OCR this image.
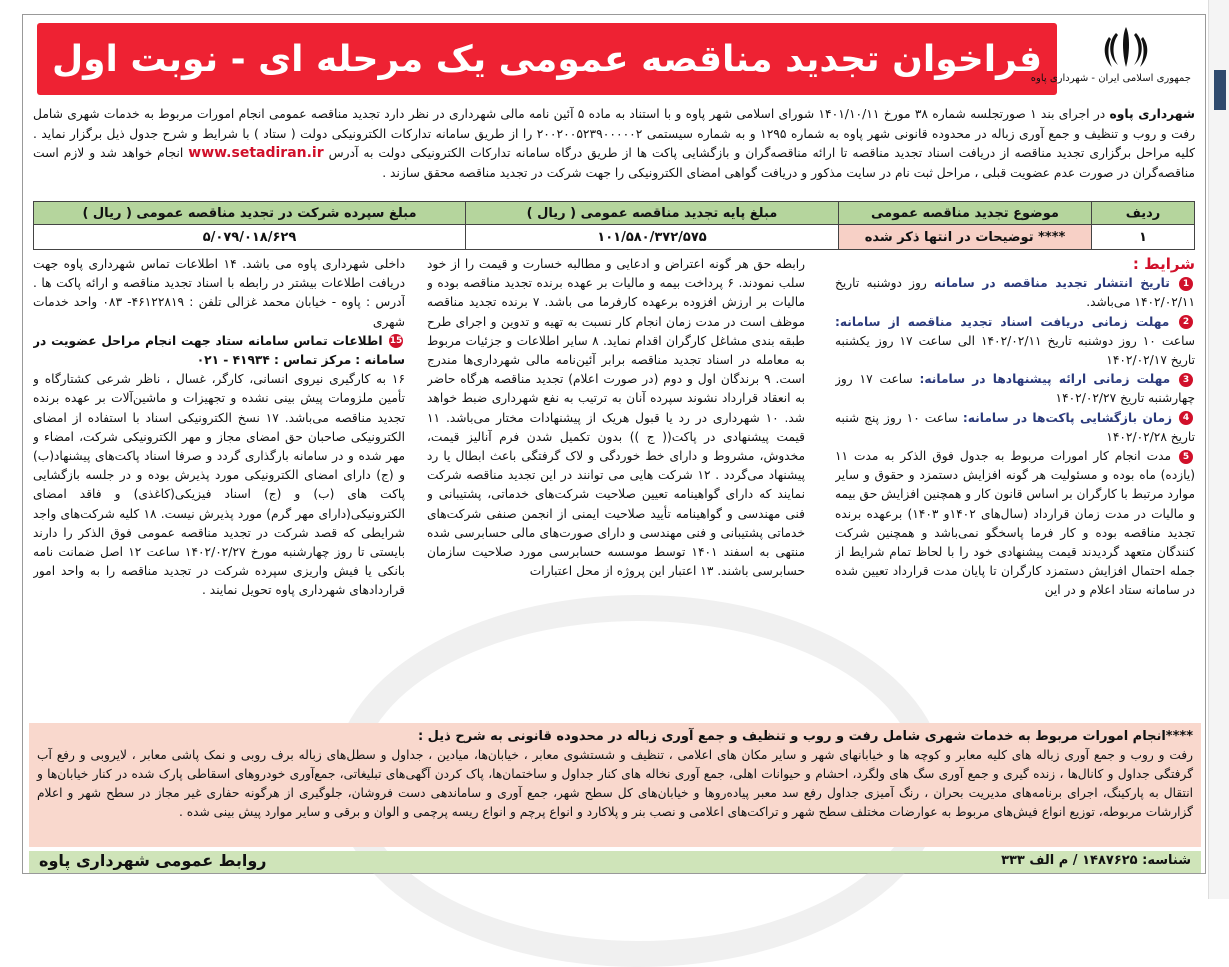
فراخوان تجدید مناقصه عمومی یک مرحله ای - نوبت اول
جمهوری اسلامی ایران - شهرداری پاوه
شهرداری پاوه در اجرای بند ۱ صورتجلسه شماره ۳۸ مورخ ۱۴۰۱/۱۰/۱۱ شورای اسلامی شهر پاوه و با استناد به ماده ۵ آئین نامه مالی شهرداری در نظر دارد تجدید مناقصه عمومی انجام امورات مربوط به خدمات شهری شامل رفت و روب و تنظیف و جمع آوری زباله در محدوده قانونی شهر پاوه به شماره ۱۲۹۵ و به شماره سیستمی ۲۰۰۲۰۰۵۲۳۹۰۰۰۰۰۲ را از طریق سامانه تدارکات الکترونیکی دولت ( ستاد ) با شرایط و شرح جدول ذیل برگزار نماید . کلیه مراحل برگزاری تجدید مناقصه از دریافت اسناد تجدید مناقصه تا ارائه مناقصه‌گران و بازگشایی پاکت ها از طریق درگاه سامانه تدارکات الکترونیکی دولت به آدرس www.setadiran.ir انجام خواهد شد و لازم است مناقصه‌گران در صورت عدم عضویت قبلی ، مراحل ثبت نام در سایت مذکور و دریافت گواهی امضای الکترونیکی را جهت شرکت در تجدید مناقصه محقق سازند .
ردیف	موضوع تجدید مناقصه عمومی	مبلغ پایه تجدید مناقصه عمومی ( ریال )	مبلغ سپرده شرکت در تجدید مناقصه عمومی ( ریال )
۱	**** توضیحات در انتها ذکر شده	۱۰۱/۵۸۰/۳۷۲/۵۷۵	۵/۰۷۹/۰۱۸/۶۲۹
شرایط :
1 تاریخ انتشار تجدید مناقصه در سامانه روز دوشنبه تاریخ ۱۴۰۲/۰۲/۱۱ می‌باشد.
2 مهلت زمانی دریافت اسناد تجدید مناقصه از سامانه: ساعت ۱۰ روز دوشنبه تاریخ ۱۴۰۲/۰۲/۱۱ الی ساعت ۱۷ روز یکشنبه تاریخ ۱۴۰۲/۰۲/۱۷
3 مهلت زمانی ارائه پیشنهادها در سامانه: ساعت ۱۷ روز چهارشنبه تاریخ ۱۴۰۲/۰۲/۲۷
4 زمان بازگشایی پاکت‌ها در سامانه: ساعت ۱۰ روز پنج شنبه تاریخ ۱۴۰۲/۰۲/۲۸
5 مدت انجام کار امورات مربوط به جدول فوق الذکر به مدت ۱۱ (یازده) ماه بوده و مسئولیت هر گونه افزایش دستمزد و حقوق و سایر موارد مرتبط با کارگران بر اساس قانون کار و همچنین افزایش حق بیمه و مالیات در مدت زمان قرارداد (سال‌های ۱۴۰۲و ۱۴۰۳) برعهده برنده تجدید مناقصه بوده و کار فرما پاسخگو نمی‌باشد و همچنین شرکت کنندگان متعهد گردیدند قیمت پیشنهادی خود را با لحاظ تمام شرایط از جمله احتمال افزایش دستمزد کارگران تا پایان مدت قرارداد تعیین شده در سامانه ستاد اعلام و در این
رابطه حق هر گونه اعتراض و ادعایی و مطالبه خسارت و قیمت را از خود سلب نمودند. ۶ پرداخت بیمه و مالیات بر عهده برنده تجدید مناقصه بوده و مالیات بر ارزش افزوده برعهده کارفرما می باشد. ۷ برنده تجدید مناقصه موظف است در مدت زمان انجام کار نسبت به تهیه و تدوین و اجرای طرح طبقه بندی مشاغل کارگران اقدام نماید. ۸ سایر اطلاعات و جزئیات مربوط به معامله در اسناد تجدید مناقصه برابر آئین‌نامه مالی شهرداری‌ها مندرج است. ۹ برندگان اول و دوم (در صورت اعلام) تجدید مناقصه هرگاه حاضر به انعقاد قرارداد نشوند سپرده آنان به ترتیب به نفع شهرداری ضبط خواهد شد. ۱۰ شهرداری در رد یا قبول هریک از پیشنهادات مختار می‌باشد. ۱۱ قیمت پیشنهادی در پاکت(( ج )) بدون تکمیل شدن فرم آنالیز قیمت، مخدوش، مشروط و دارای خط خوردگی و لاک گرفتگی باعث ابطال یا رد پیشنهاد می‌گردد . ۱۲ شرکت هایی می توانند در این تجدید مناقصه شرکت نمایند که دارای گواهینامه تعیین صلاحیت شرکت‌های خدماتی، پشتیبانی و فنی مهندسی و گواهینامه تأیید صلاحیت ایمنی از انجمن صنفی شرکت‌های خدماتی پشتیبانی و فنی مهندسی و دارای صورت‌های مالی حسابرسی شده منتهی به اسفند ۱۴۰۱ توسط موسسه حسابرسی مورد صلاحیت سازمان حسابرسی باشند. ۱۳ اعتبار این پروژه از محل اعتبارات
داخلی شهرداری پاوه می باشد. ۱۴ اطلاعات تماس شهرداری پاوه جهت دریافت اطلاعات بیشتر در رابطه با اسناد تجدید مناقصه و ارائه پاکت ها . آدرس : پاوه - خیابان محمد غزالی تلفن : ۴۶۱۲۲۸۱۹- ۰۸۳ واحد خدمات شهری
15 اطلاعات تماس سامانه ستاد جهت انجام مراحل عضویت در سامانه : مرکز تماس : ۴۱۹۳۴ - ۰۲۱
۱۶ به کارگیری نیروی انسانی، کارگر، غسال ، ناظر شرعی کشتارگاه و تأمین ملزومات پیش بینی نشده و تجهیزات و ماشین‌آلات بر عهده برنده تجدید مناقصه می‌باشد. ۱۷ نسخ الکترونیکی اسناد با استفاده از امضای الکترونیکی صاحبان حق امضای مجاز و مهر الکترونیکی شرکت، امضاء و مهر شده و در سامانه بارگذاری گردد و صرفا اسناد پاکت‌های پیشنهاد(ب) و (ج) دارای امضای الکترونیکی مورد پذیرش بوده و در جلسه بازگشایی پاکت های (ب) و (ج) اسناد فیزیکی(کاغذی) و فاقد امضای الکترونیکی(دارای مهر گرم) مورد پذیرش نیست. ۱۸ کلیه شرکت‌های واجد شرایطی که قصد شرکت در تجدید مناقصه عمومی فوق الذکر را دارند بایستی تا روز چهارشنبه مورخ ۱۴۰۲/۰۲/۲۷ ساعت ۱۲ اصل ضمانت نامه بانکی یا فیش واریزی سپرده شرکت در تجدید مناقصه را به واحد امور قراردادهای شهرداری پاوه تحویل نمایند .
****انجام امورات مربوط به خدمات شهری شامل رفت و روب و تنظیف و جمع آوری زباله در محدوده قانونی به شرح ذیل :
رفت و روب و جمع آوری زباله های کلیه معابر و کوچه ها و خیابانهای شهر و سایر مکان های اعلامی ، تنظیف و شستشوی معابر ، خیابان‌ها، میادین ، جداول و سطل‌های زباله برف روبی و نمک پاشی معابر ، لایروبی و رفع آب گرفتگی جداول و کانال‌ها ، زنده گیری و جمع آوری سگ های ولگرد، احشام و حیوانات اهلی، جمع آوری نخاله های کنار جداول و ساختمان‌ها، پاک کردن آگهی‌های تبلیغاتی، جمع‌آوری خودروهای اسقاطی پارک شده در کنار خیابان‌ها و انتقال به پارکینگ، اجرای برنامه‌های مدیریت بحران ، رنگ آمیزی جداول رفع سد معبر پیاده‌روها و خیابان‌های کل سطح شهر، جمع آوری و ساماندهی دست فروشان، جلوگیری از هرگونه حفاری غیر مجاز در سطح شهر و اعلام گزارشات مربوطه، توزیع انواع فیش‌های مربوط به عوارضات مختلف سطح شهر و تراکت‌های اعلامی و نصب بنر و پلاکارد و انواع پرچم و انواع ریسه پرچمی و الوان و برقی و سایر موارد پیش بینی شده .
شناسه: ۱۴۸۷۶۲۵ / م الف ۳۳۳
روابط عمومی شهرداری پاوه
